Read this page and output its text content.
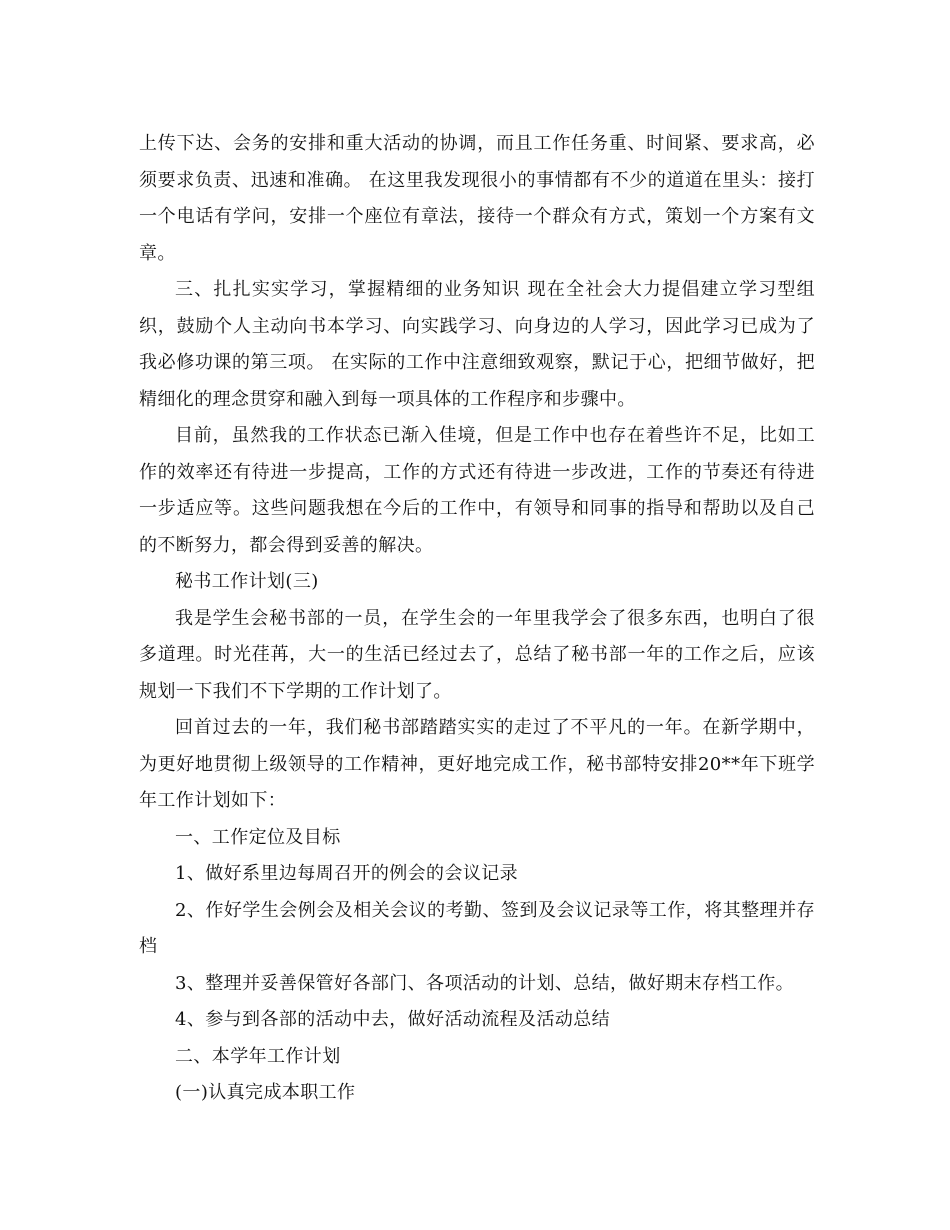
上传下达、会务的安排和重大活动的协调，而且工作任务重、时间紧、要求高，必须要求负责、迅速和准确。 在这里我发现很小的事情都有不少的道道在里头：接打一个电话有学问，安排一个座位有章法，接待一个群众有方式，策划一个方案有文章。

三、扎扎实实学习，掌握精细的业务知识 现在全社会大力提倡建立学习型组织，鼓励个人主动向书本学习、向实践学习、向身边的人学习，因此学习已成为了我必修功课的第三项。 在实际的工作中注意细致观察，默记于心，把细节做好，把精细化的理念贯穿和融入到每一项具体的工作程序和步骤中。

目前，虽然我的工作状态已渐入佳境，但是工作中也存在着些许不足，比如工作的效率还有待进一步提高，工作的方式还有待进一步改进，工作的节奏还有待进一步适应等。这些问题我想在今后的工作中，有领导和同事的指导和帮助以及自己的不断努力，都会得到妥善的解决。

秘书工作计划(三)

我是学生会秘书部的一员，在学生会的一年里我学会了很多东西，也明白了很多道理。时光荏苒，大一的生活已经过去了，总结了秘书部一年的工作之后，应该规划一下我们不下学期的工作计划了。

回首过去的一年，我们秘书部踏踏实实的走过了不平凡的一年。在新学期中，为更好地贯彻上级领导的工作精神，更好地完成工作，秘书部特安排20**年下班学年工作计划如下：

一、工作定位及目标

1、做好系里边每周召开的例会的会议记录

2、作好学生会例会及相关会议的考勤、签到及会议记录等工作，将其整理并存档

3、整理并妥善保管好各部门、各项活动的计划、总结，做好期末存档工作。

4、参与到各部的活动中去，做好活动流程及活动总结

二、本学年工作计划

(一)认真完成本职工作
